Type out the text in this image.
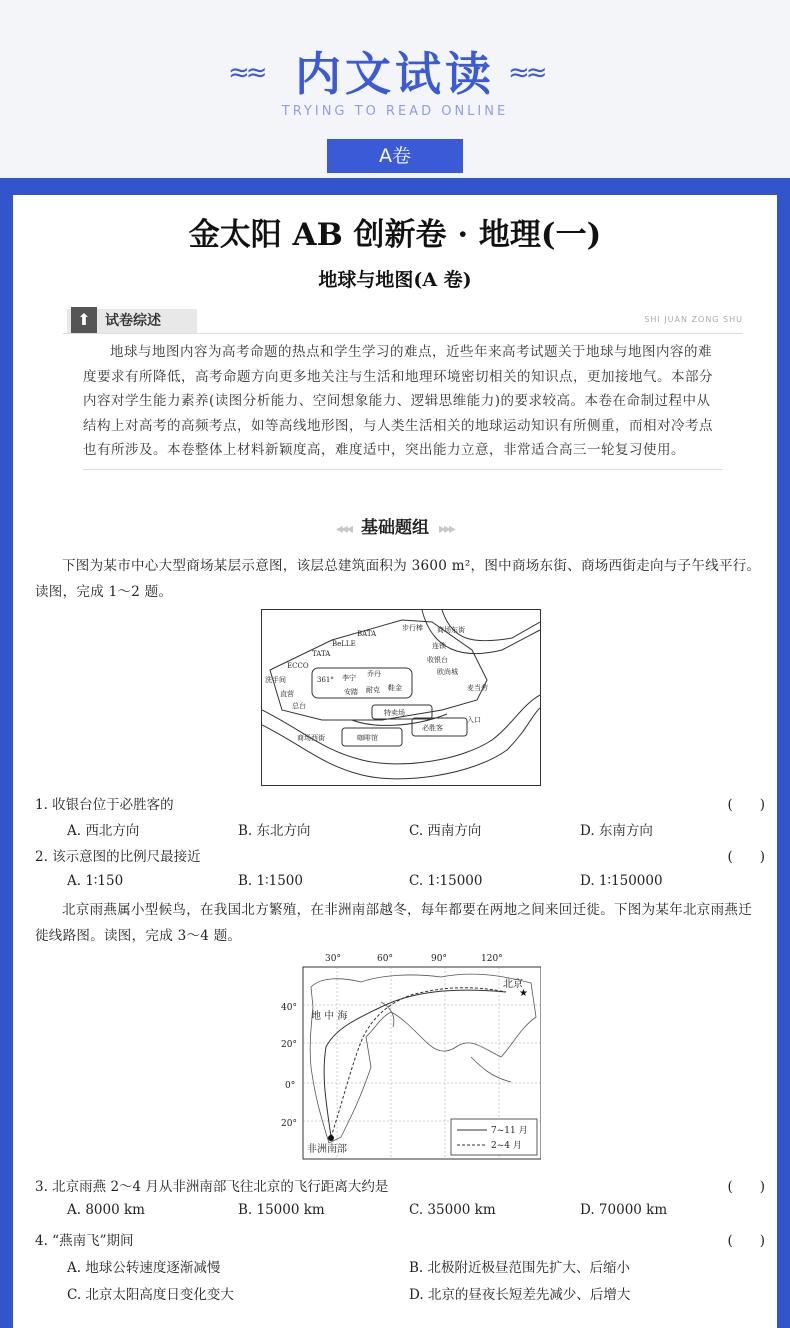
≈≈ 内文试读 ≈≈
TRYING TO READ ONLINE
A卷
金太阳 AB 创新卷 · 地理(一)
地球与地图(A 卷)
试卷综述
⬆	SHI JUAN ZONG SHU
地球与地图内容为高考命题的热点和学生学习的难点，近些年来高考试题关于地球与地图内容的难度要求有所降低，高考命题方向更多地关注与生活和地理环境密切相关的知识点，更加接地气。本部分内容对学生能力素养(读图分析能力、空间想象能力、逻辑思维能力)的要求较高。本卷在命制过程中从结构上对高考的高频考点，如等高线地形图，与人类生活相关的地球运动知识有所侧重，而相对冷考点也有所涉及。本卷整体上材料新颖度高，难度适中，突出能力立意，非常适合高三一轮复习使用。
◂◂◂ 基础题组 ▸▸▸
下图为某市中心大型商场某层示意图，该层总建筑面积为 3600 m²，图中商场东街、商场西街走向与子午线平行。读图，完成 1～2 题。
步行棒
BATA
BeLLE
TATA
ECCO
洗手间
直营
总台
361° 李宁 乔丹
安踏 耐克 鞋金
连锁
收银台
欧尚城
麦当劳
特卖场
必胜客
咖啡馆
入口
商场西街
商场东街
1. 收银台位于必胜客的	(　　)
A. 西北方向	B. 东北方向	C. 西南方向	D. 东南方向
2. 该示意图的比例尺最接近	(　　)
A. 1∶150	B. 1∶1500	C. 1∶15000	D. 1∶150000
北京雨燕属小型候鸟，在我国北方繁殖，在非洲南部越冬，每年都要在两地之间来回迁徙。下图为某年北京雨燕迁徙线路图。读图，完成 3～4 题。
30°	60°	90°	120°
40°
20°
0°
20°
北京
★
地 中 海
非洲南部
7~11 月
2~4 月
3. 北京雨燕 2～4 月从非洲南部飞往北京的飞行距离大约是	(　　)
A. 8000 km	B. 15000 km	C. 35000 km	D. 70000 km
4. “燕南飞”期间	(　　)
A. 地球公转速度逐渐减慢	B. 北极附近极昼范围先扩大、后缩小
C. 北京太阳高度日变化变大	D. 北京的昼夜长短差先减少、后增大
